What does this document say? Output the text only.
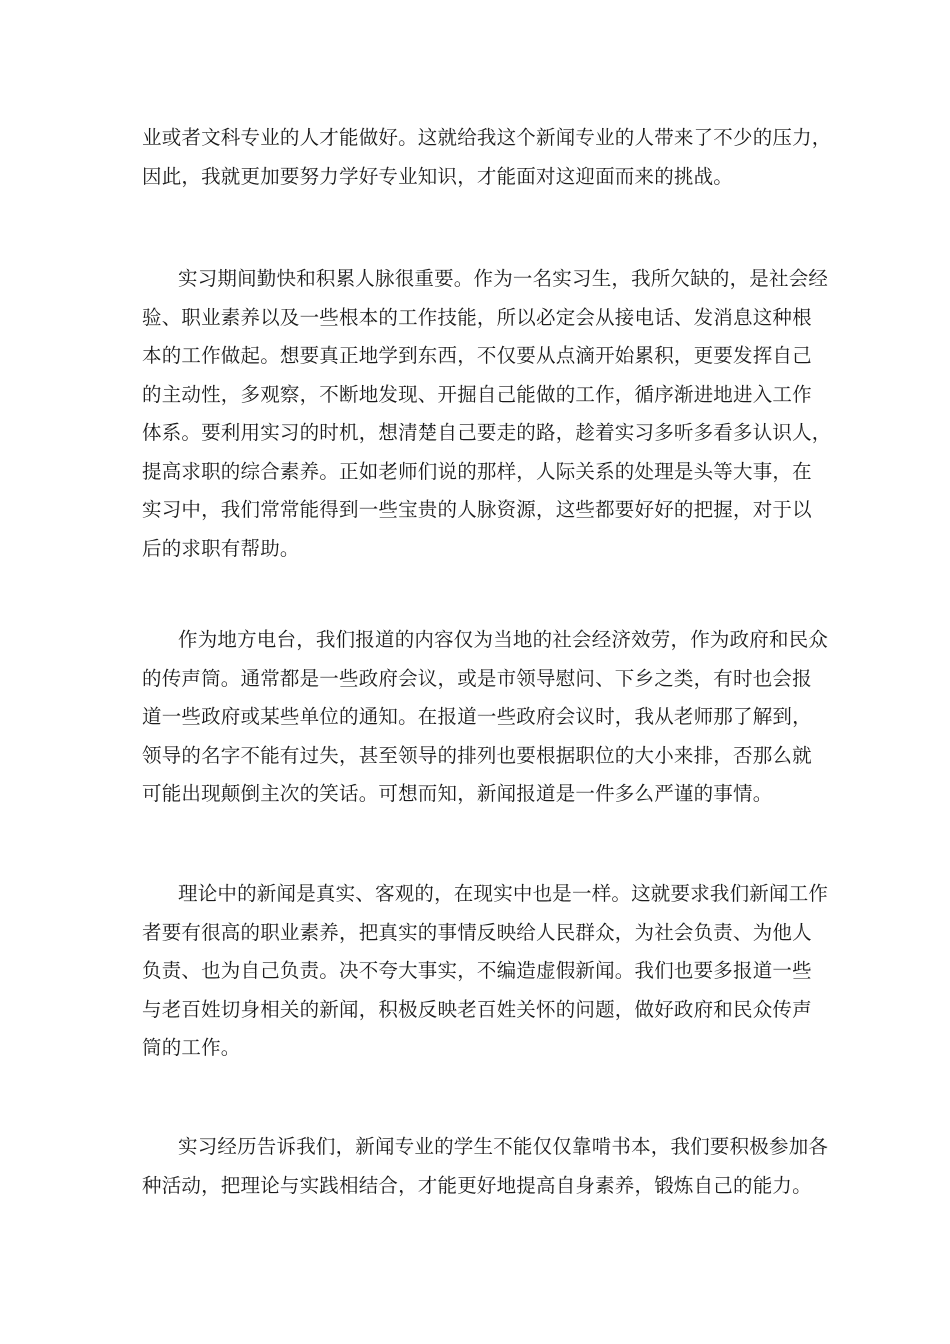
业或者文科专业的人才能做好。这就给我这个新闻专业的人带来了不少的压力，
因此，我就更加要努力学好专业知识，才能面对这迎面而来的挑战。

实习期间勤快和积累人脉很重要。作为一名实习生，我所欠缺的，是社会经
验、职业素养以及一些根本的工作技能，所以必定会从接电话、发消息这种根
本的工作做起。想要真正地学到东西，不仅要从点滴开始累积，更要发挥自己
的主动性，多观察，不断地发现、开掘自己能做的工作，循序渐进地进入工作
体系。要利用实习的时机，想清楚自己要走的路，趁着实习多听多看多认识人，
提高求职的综合素养。正如老师们说的那样，人际关系的处理是头等大事，在
实习中，我们常常能得到一些宝贵的人脉资源，这些都要好好的把握，对于以
后的求职有帮助。

作为地方电台，我们报道的内容仅为当地的社会经济效劳，作为政府和民众
的传声筒。通常都是一些政府会议，或是市领导慰问、下乡之类，有时也会报
道一些政府或某些单位的通知。在报道一些政府会议时，我从老师那了解到，
领导的名字不能有过失，甚至领导的排列也要根据职位的大小来排，否那么就
可能出现颠倒主次的笑话。可想而知，新闻报道是一件多么严谨的事情。

理论中的新闻是真实、客观的，在现实中也是一样。这就要求我们新闻工作
者要有很高的职业素养，把真实的事情反映给人民群众，为社会负责、为他人
负责、也为自己负责。决不夸大事实，不编造虚假新闻。我们也要多报道一些
与老百姓切身相关的新闻，积极反映老百姓关怀的问题，做好政府和民众传声
筒的工作。

实习经历告诉我们，新闻专业的学生不能仅仅靠啃书本，我们要积极参加各
种活动，把理论与实践相结合，才能更好地提高自身素养，锻炼自己的能力。
